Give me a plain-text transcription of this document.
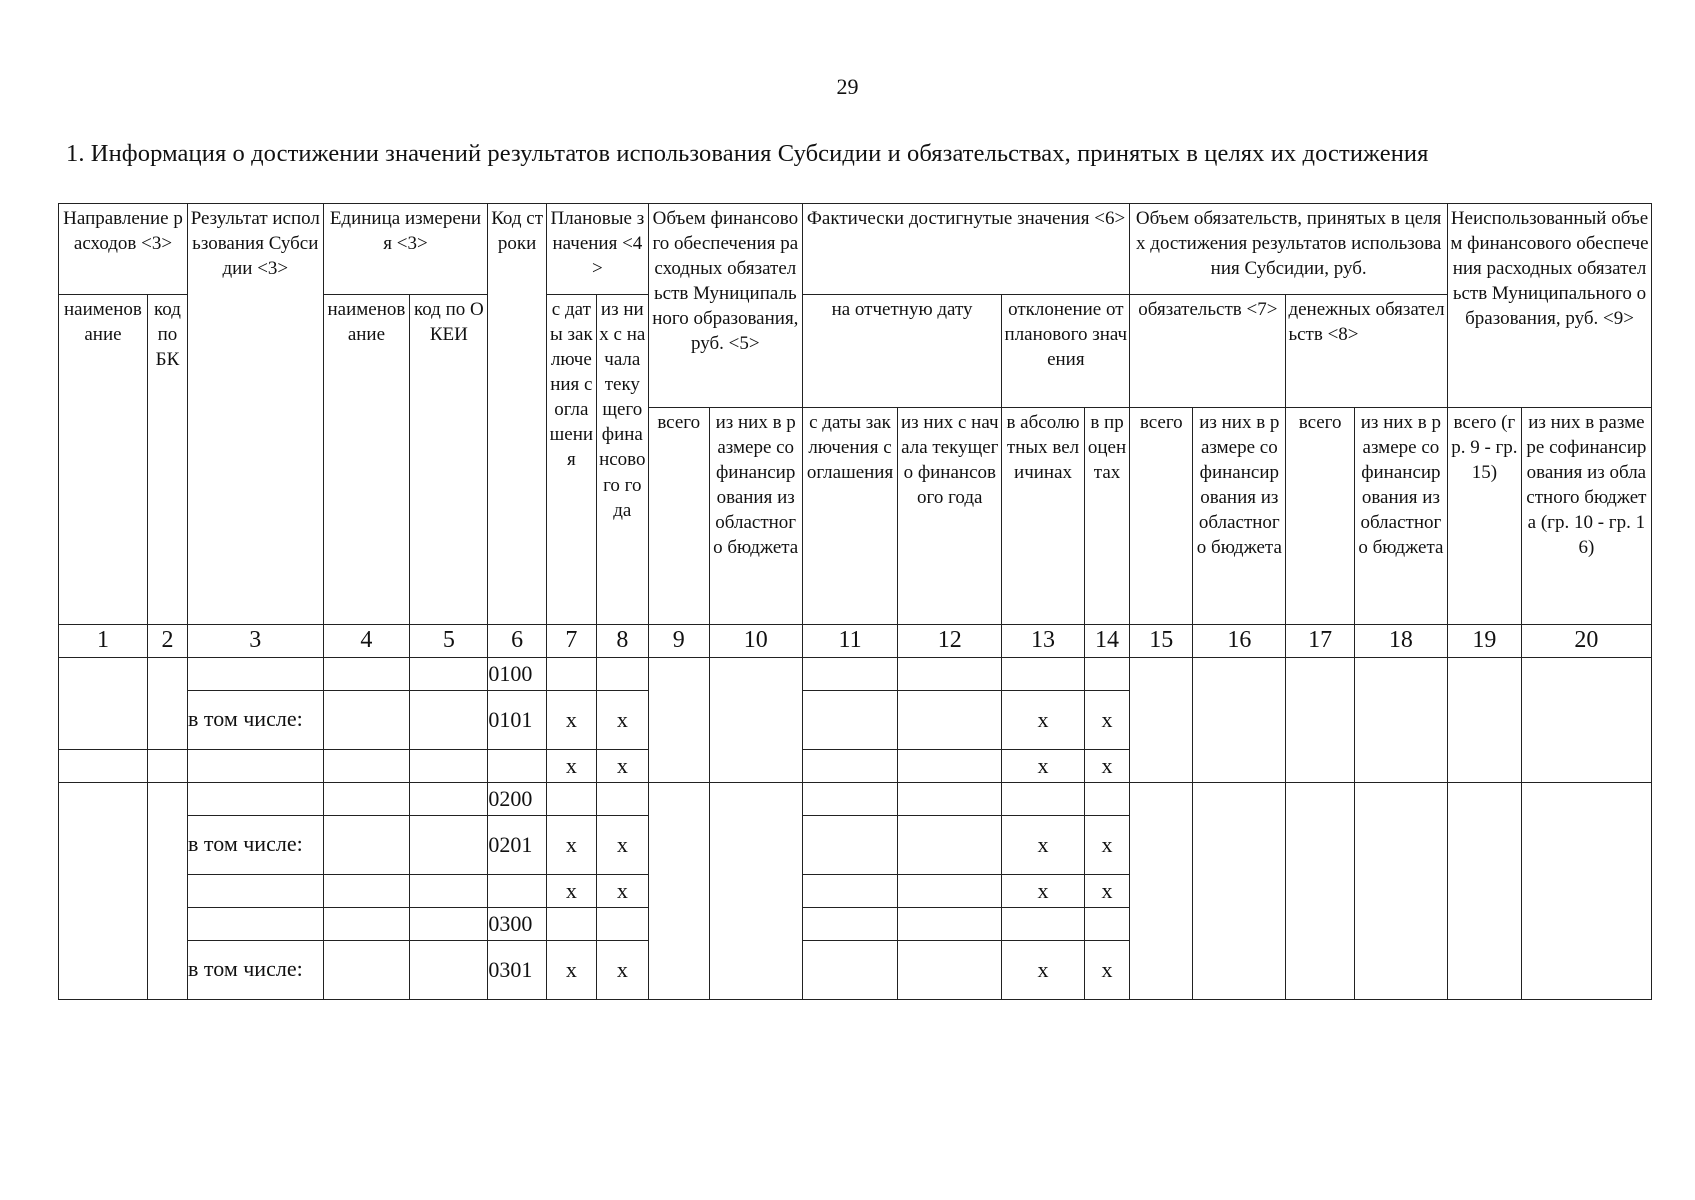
29
1. Информация о достижении значений результатов использования Субсидии и обязательствах, принятых в целях их достижения
Направление расходов <3>		Результат использования Субсидии <3>	Единица измерения <3>		Код строки	Плановые значения <4>		Объем финансового обеспечения расходных обязательств Муниципального образования, руб. <5>		Фактически достигнутые значения <6>				Объем обязательств, принятых в целях достижения результатов использования Субсидии, руб.				Неиспользованный объем финансового обеспечения расходных обязательств Муниципального образования, руб. <9>	
наименование	код по БК		наименование	код по ОКЕИ		с даты заключения соглашения	из них с начала текущего финансового года			на отчетную дату		отклонение от планового значения							
														обязательств <7>		денежных обязательств <8>			
								всего	из них в размере софинансирования из областного бюджета	с даты заключения соглашения	из них с начала текущего финансового года	в абсолютных величинах	в процентах	всего	из них в размере софинансирования из областного бюджета	всего	из них в размере софинансирования из областного бюджета	всего (гр. 9 - гр. 15)	из них в размере софинансирования из областного бюджета (гр. 10 - гр. 16)
1	2	3	4	5	6	7	8	9	10	11	12	13	14	15	16	17	18	19	20
					0100														
		в том числе:			0101	x	x					x	x						
						x	x					x	x						
					0200														
		в том числе:			0201	x	x					x	x						
						x	x					x	x						
					0300														
		в том числе:			0301	x	x					x	x						
